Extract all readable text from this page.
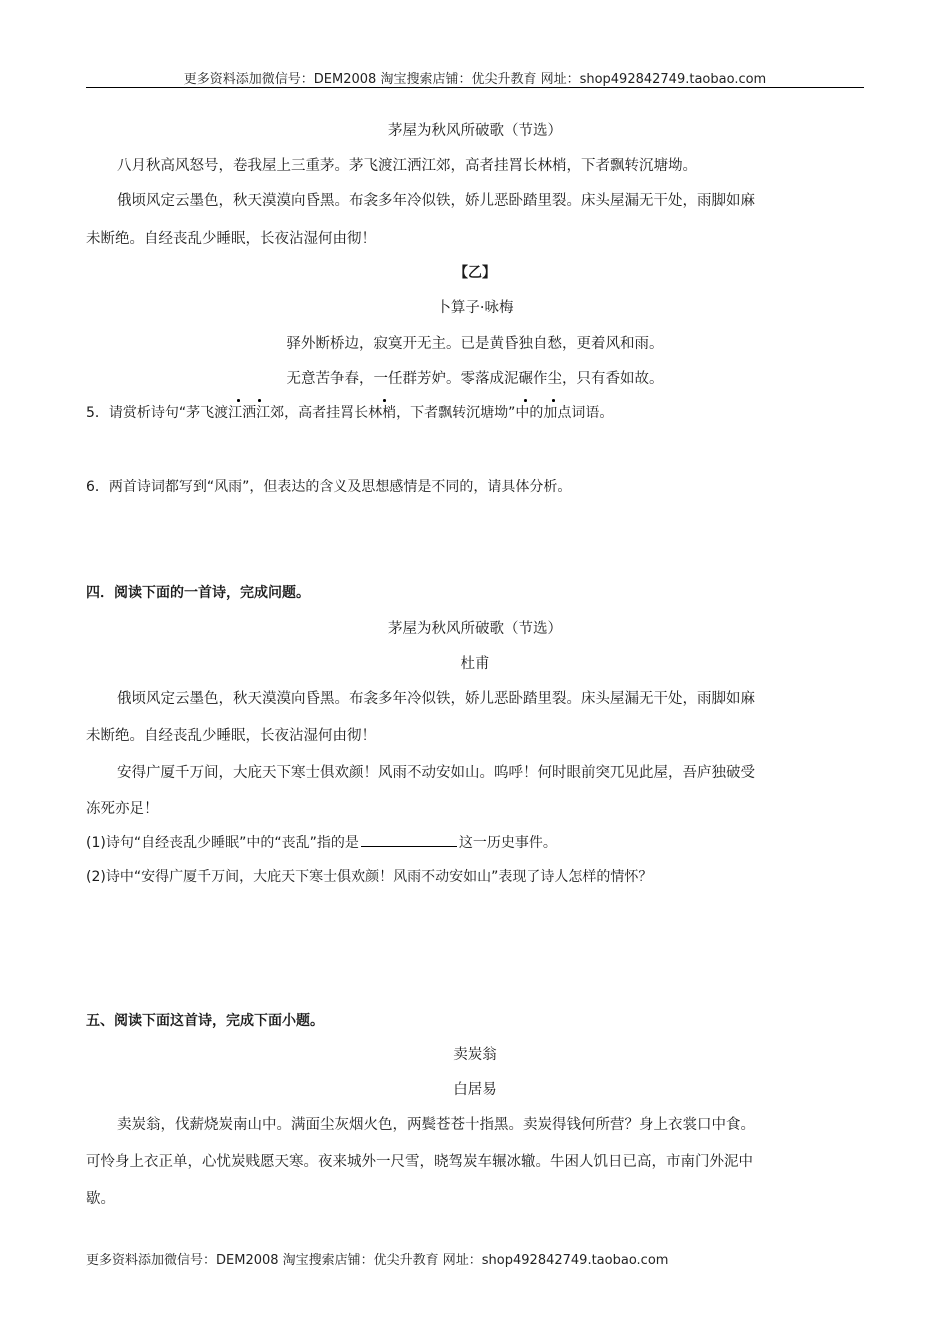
更多资料添加微信号：DEM2008 淘宝搜索店铺：优尖升教育 网址：shop492842749.taobao.com
茅屋为秋风所破歌（节选）
八月秋高风怒号，卷我屋上三重茅。茅飞渡江洒江郊，高者挂罥长林梢，下者飘转沉塘坳。
俄顷风定云墨色，秋天漠漠向昏黑。布衾多年冷似铁，娇儿恶卧踏里裂。床头屋漏无干处，雨脚如麻
未断绝。自经丧乱少睡眠，长夜沾湿何由彻！
【乙】
卜算子·咏梅
驿外断桥边，寂寞开无主。已是黄昏独自愁，更着风和雨。
无意苦争春，一任群芳妒。零落成泥碾作尘，只有香如故。
5．请赏析诗句“茅飞渡江洒江郊，高者挂罥长林梢，下者飘转沉塘坳”中的加点词语。
6．两首诗词都写到“风雨”，但表达的含义及思想感情是不同的，请具体分析。
四．阅读下面的一首诗，完成问题。
茅屋为秋风所破歌（节选）
杜甫
俄顷风定云墨色，秋天漠漠向昏黑。布衾多年冷似铁，娇儿恶卧踏里裂。床头屋漏无干处，雨脚如麻
未断绝。自经丧乱少睡眠，长夜沾湿何由彻！
安得广厦千万间，大庇天下寒士俱欢颜！风雨不动安如山。呜呼！何时眼前突兀见此屋，吾庐独破受
冻死亦足！
(1)诗句“自经丧乱少睡眠”中的“丧乱”指的是	这一历史事件。
(2)诗中“安得广厦千万间，大庇天下寒士俱欢颜！风雨不动安如山”表现了诗人怎样的情怀？
五、阅读下面这首诗，完成下面小题。
卖炭翁
白居易
卖炭翁，伐薪烧炭南山中。满面尘灰烟火色，两鬓苍苍十指黑。卖炭得钱何所营？身上衣裳口中食。
可怜身上衣正单，心忧炭贱愿天寒。夜来城外一尺雪，晓驾炭车辗冰辙。牛困人饥日已高，市南门外泥中
歇。
更多资料添加微信号：DEM2008 淘宝搜索店铺：优尖升教育 网址：shop492842749.taobao.com
